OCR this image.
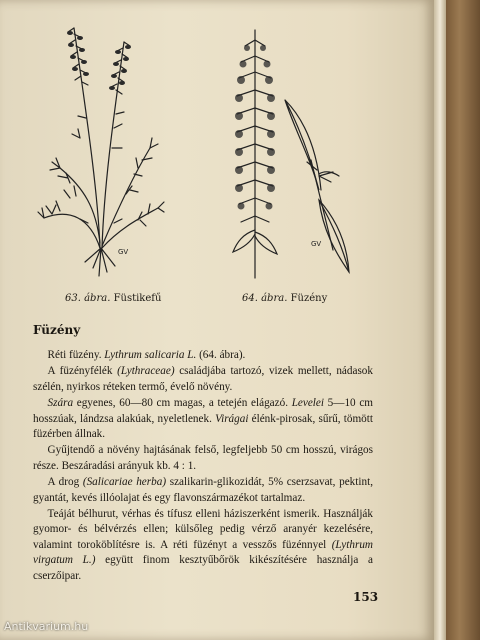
GV
GV
63. ábra. Füstikefű	64. ábra. Füzény
Füzény

Réti füzény. Lythrum salicaria L. (64. ábra).

A füzényfélék (Lythraceae) családjába tartozó, vizek mellett, nádasok szélén, nyirkos réteken termő, évelő növény.

Szára egyenes, 60—80 cm magas, a tetején elágazó. Levelei 5—10 cm hosszúak, lándzsa alakúak, nyeletlenek. Virágai élénk-pirosak, sűrű, tömött füzérben állnak.

Gyűjtendő a növény hajtásának felső, legfeljebb 50 cm hosszú, virágos része. Beszáradási arányuk kb. 4 : 1.

A drog (Salicariae herba) szalikarin-glikozidát, 5% cserzsavat, pektint, gyantát, kevés illóolajat és egy flavonszármazékot tartalmaz.

Teáját bélhurut, vérhas és tífusz elleni háziszerként ismerik. Használják gyomor- és bélvérzés ellen; külsőleg pedig vérző aranyér kezelésére, valamint toroköblítésre is. A réti füzényt a vesszős füzénnyel (Lythrum virgatum L.) együtt finom kesztyűbőrök kikészítésére használja a cserzőipar.

153
Antikvarium.hu
